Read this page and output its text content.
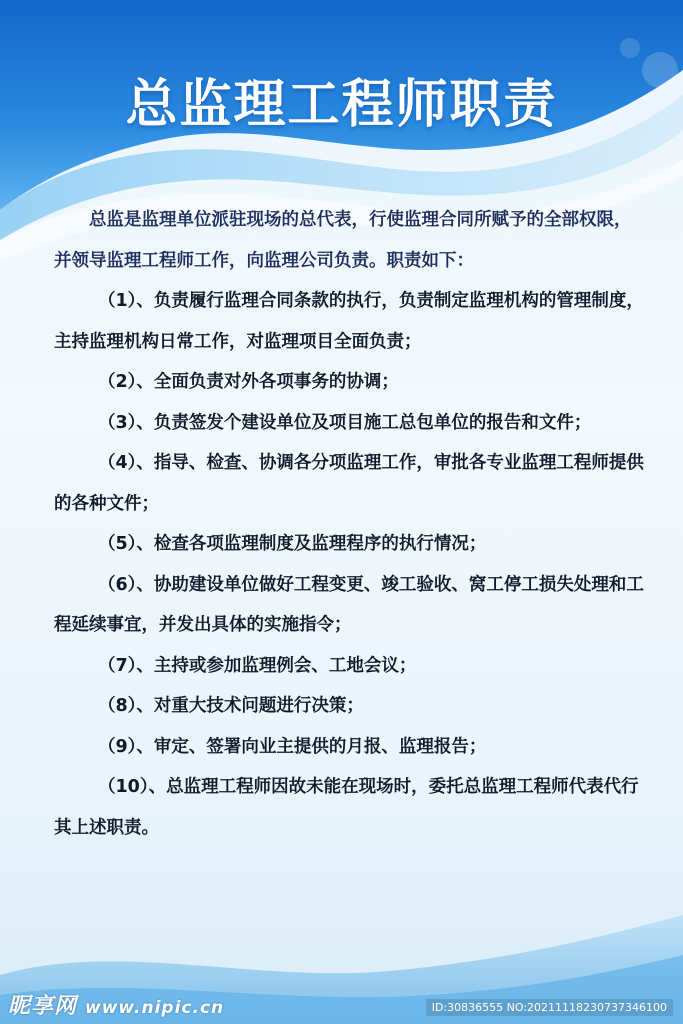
总监理工程师职责

总监是监理单位派驻现场的总代表，行使监理合同所赋予的全部权限，并领导监理工程师工作，向监理公司负责。职责如下：

（1）、负责履行监理合同条款的执行，负责制定监理机构的管理制度，主持监理机构日常工作，对监理项目全面负责；

（2）、全面负责对外各项事务的协调；

（3）、负责签发个建设单位及项目施工总包单位的报告和文件；

（4）、指导、检查、协调各分项监理工作，审批各专业监理工程师提供的各种文件；

（5）、检查各项监理制度及监理程序的执行情况；

（6）、协助建设单位做好工程变更、竣工验收、窝工停工损失处理和工程延续事宜，并发出具体的实施指令；

（7）、主持或参加监理例会、工地会议；

（8）、对重大技术问题进行决策；

（9）、审定、签署向业主提供的月报、监理报告；

（10）、总监理工程师因故未能在现场时，委托总监理工程师代表代行其上述职责。

昵享网 www.nipic.cn	ID:30836555 NO:20211118230737346100
